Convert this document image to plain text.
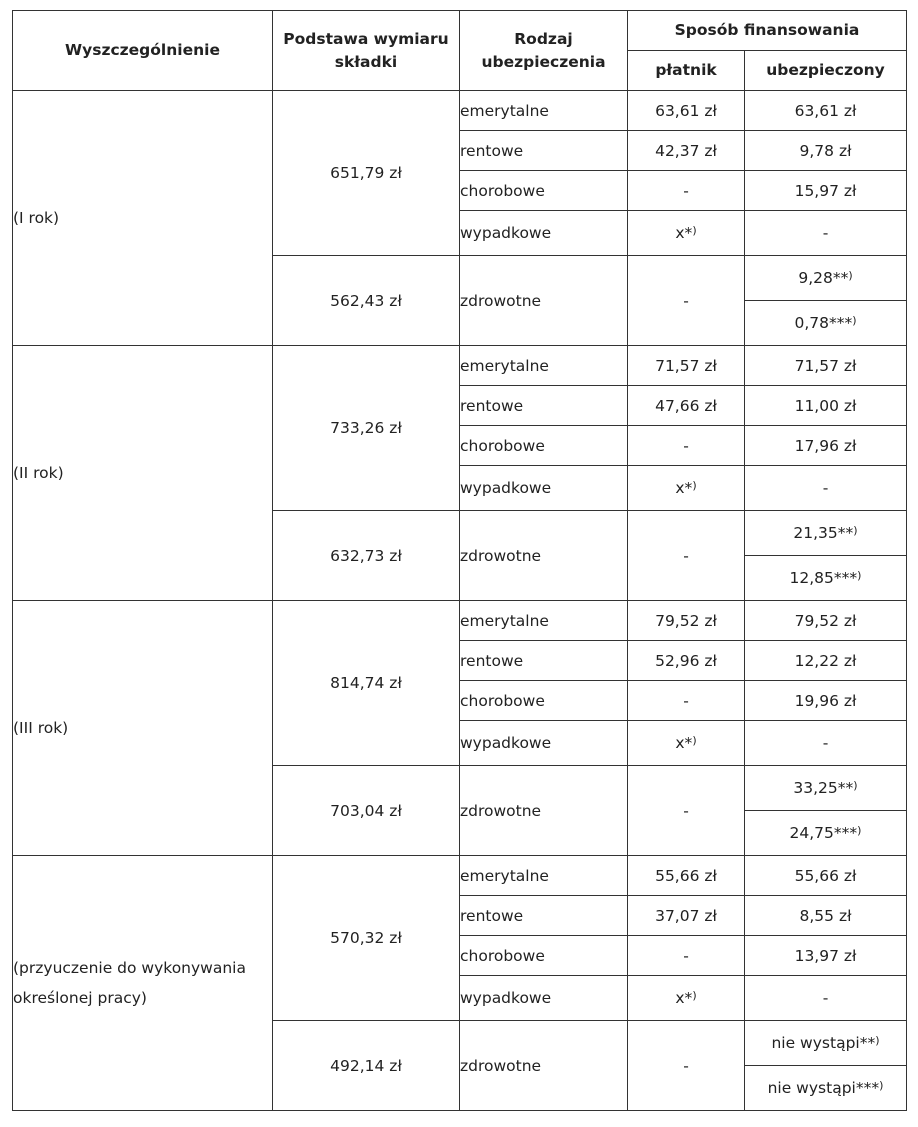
Wyszczególnienie	Podstawa wymiaru składki	Rodzaj ubezpieczenia	Sposób finansowania	
			płatnik	ubezpieczony
(I rok)	651,79 zł	emerytalne	63,61 zł	63,61 zł
		rentowe	42,37 zł	9,78 zł
		chorobowe	-	15,97 zł
		wypadkowe	x*)	-
	562,43 zł	zdrowotne	-	9,28**)
				0,78***)
(II rok)	733,26 zł	emerytalne	71,57 zł	71,57 zł
		rentowe	47,66 zł	11,00 zł
		chorobowe	-	17,96 zł
		wypadkowe	x*)	-
	632,73 zł	zdrowotne	-	21,35**)
				12,85***)
(III rok)	814,74 zł	emerytalne	79,52 zł	79,52 zł
		rentowe	52,96 zł	12,22 zł
		chorobowe	-	19,96 zł
		wypadkowe	x*)	-
	703,04 zł	zdrowotne	-	33,25**)
				24,75***)
(przyuczenie do wykonywania określonej pracy)	570,32 zł	emerytalne	55,66 zł	55,66 zł
		rentowe	37,07 zł	8,55 zł
		chorobowe	-	13,97 zł
		wypadkowe	x*)	-
	492,14 zł	zdrowotne	-	nie wystąpi**)
				nie wystąpi***)
